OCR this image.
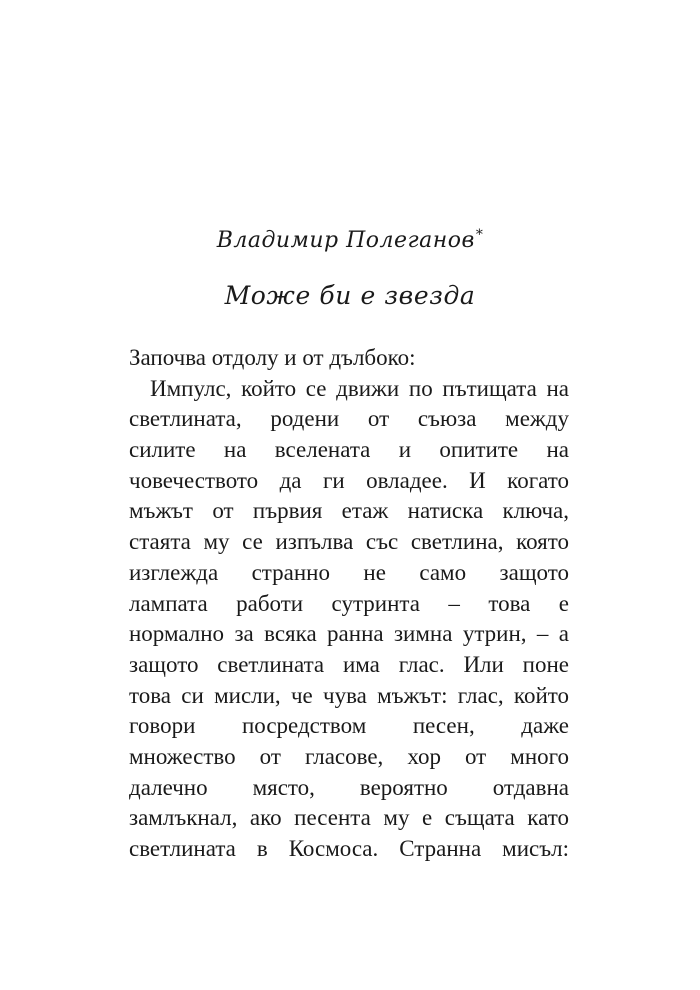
Владимир Полеганов*
Може би е звезда
Започва отдолу и от дълбоко:
Импулс, който се движи по пътищата на
светлината, родени от съюза между
силите на вселената и опитите на
човечеството да ги овладее. И когато
мъжът от първия етаж натиска ключа,
стаята му се изпълва със светлина, която
изглежда странно не само защото
лампата работи сутринта – това е
нормално за всяка ранна зимна утрин, – а
защото светлината има глас. Или поне
това си мисли, че чува мъжът: глас, който
говори посредством песен, даже
множество от гласове, хор от много
далечно място, вероятно отдавна
замлъкнал, ако песента му е същата като
светлината в Космоса. Странна мисъл:
